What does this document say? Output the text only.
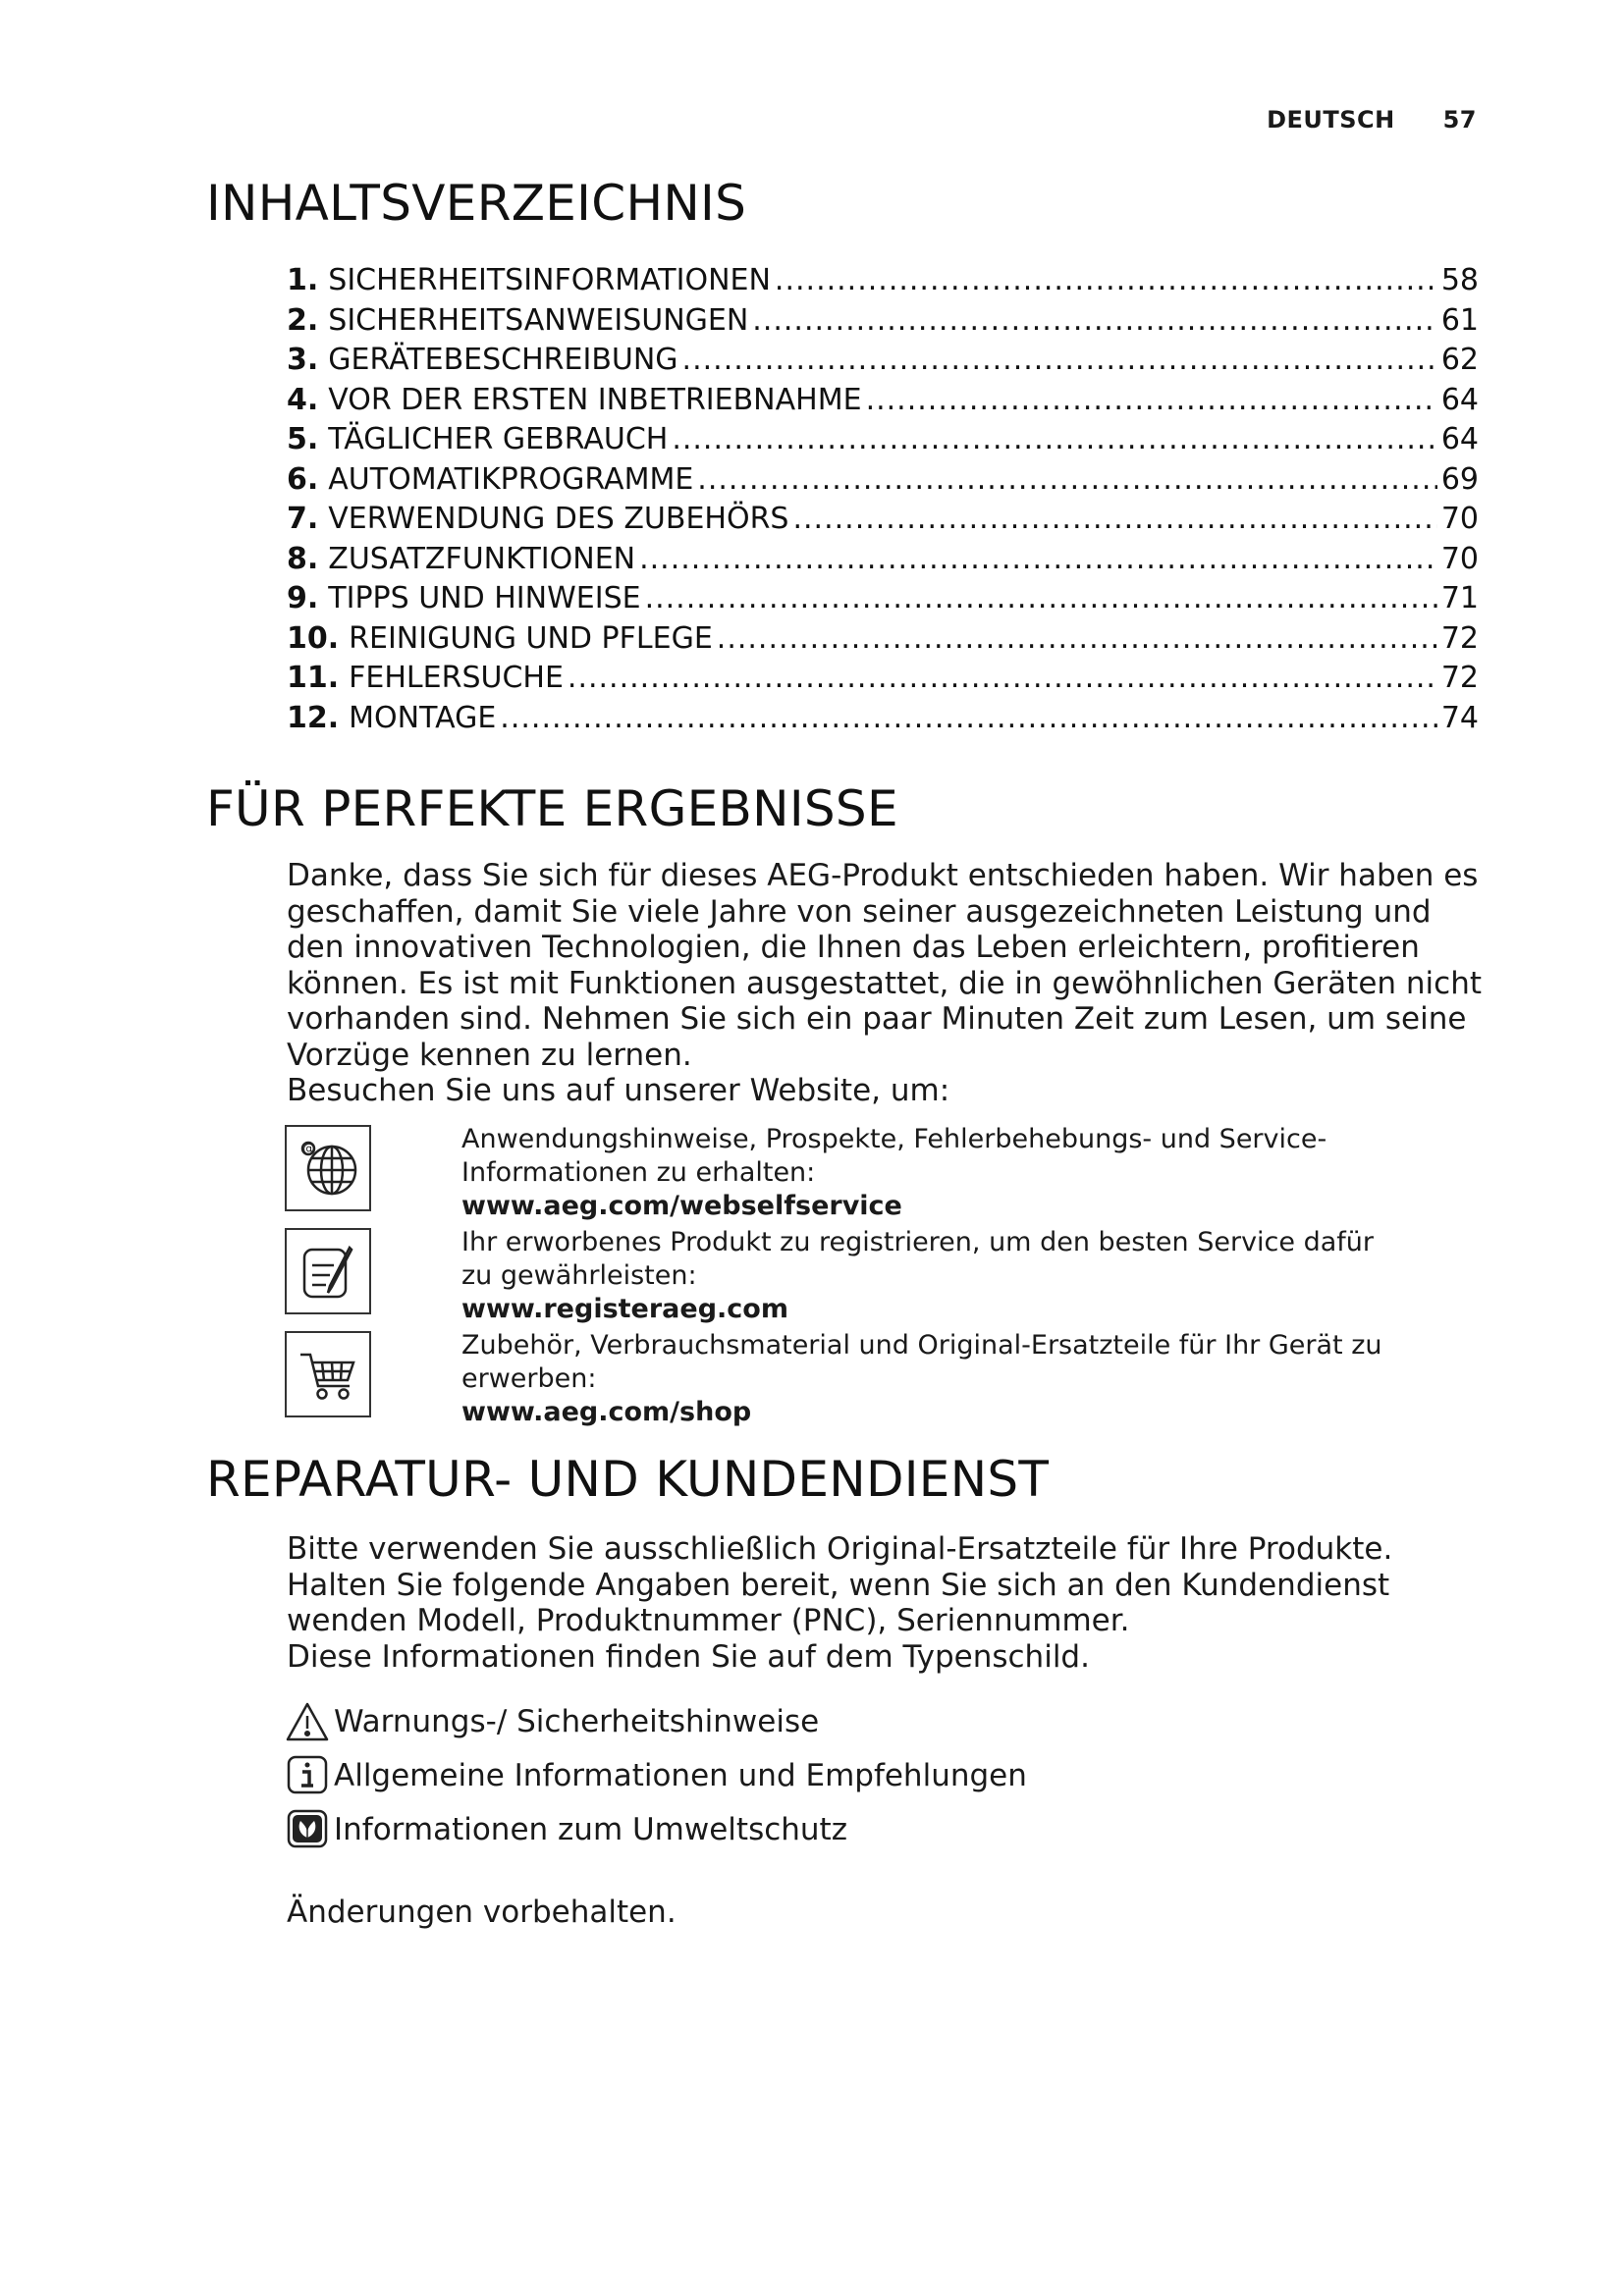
DEUTSCH 57
INHALTSVERZEICHNIS
1. SICHERHEITSINFORMATIONEN .....	58
2. SICHERHEITSANWEISUNGEN .....	61
3. GERÄTEBESCHREIBUNG .....	62
4. VOR DER ERSTEN INBETRIEBNAHME .....	64
5. TÄGLICHER GEBRAUCH .....	64
6. AUTOMATIKPROGRAMME .....	69
7. VERWENDUNG DES ZUBEHÖRS .....	70
8. ZUSATZFUNKTIONEN .....	70
9. TIPPS UND HINWEISE .....	71
10. REINIGUNG UND PFLEGE .....	72
11. FEHLERSUCHE .....	72
12. MONTAGE .....	74
FÜR PERFEKTE ERGEBNISSE
Danke, dass Sie sich für dieses AEG-Produkt entschieden haben. Wir haben es geschaffen, damit Sie viele Jahre von seiner ausgezeichneten Leistung und den innovativen Technologien, die Ihnen das Leben erleichtern, profitieren können. Es ist mit Funktionen ausgestattet, die in gewöhnlichen Geräten nicht vorhanden sind. Nehmen Sie sich ein paar Minuten Zeit zum Lesen, um seine Vorzüge kennen zu lernen.
Besuchen Sie uns auf unserer Website, um:
@	Anwendungshinweise, Prospekte, Fehlerbehebungs- und Service-Informationen zu erhalten:
www.aeg.com/webselfservice
Ihr erworbenes Produkt zu registrieren, um den besten Service dafür zu gewährleisten:
www.registeraeg.com
Zubehör, Verbrauchsmaterial und Original-Ersatzteile für Ihr Gerät zu erwerben:
www.aeg.com/shop
REPARATUR- UND KUNDENDIENST
Bitte verwenden Sie ausschließlich Original-Ersatzteile für Ihre Produkte.
Halten Sie folgende Angaben bereit, wenn Sie sich an den Kundendienst wenden Modell, Produktnummer (PNC), Seriennummer.
Diese Informationen finden Sie auf dem Typenschild.
Warnungs-/ Sicherheitshinweise
Allgemeine Informationen und Empfehlungen
Informationen zum Umweltschutz
Änderungen vorbehalten.
